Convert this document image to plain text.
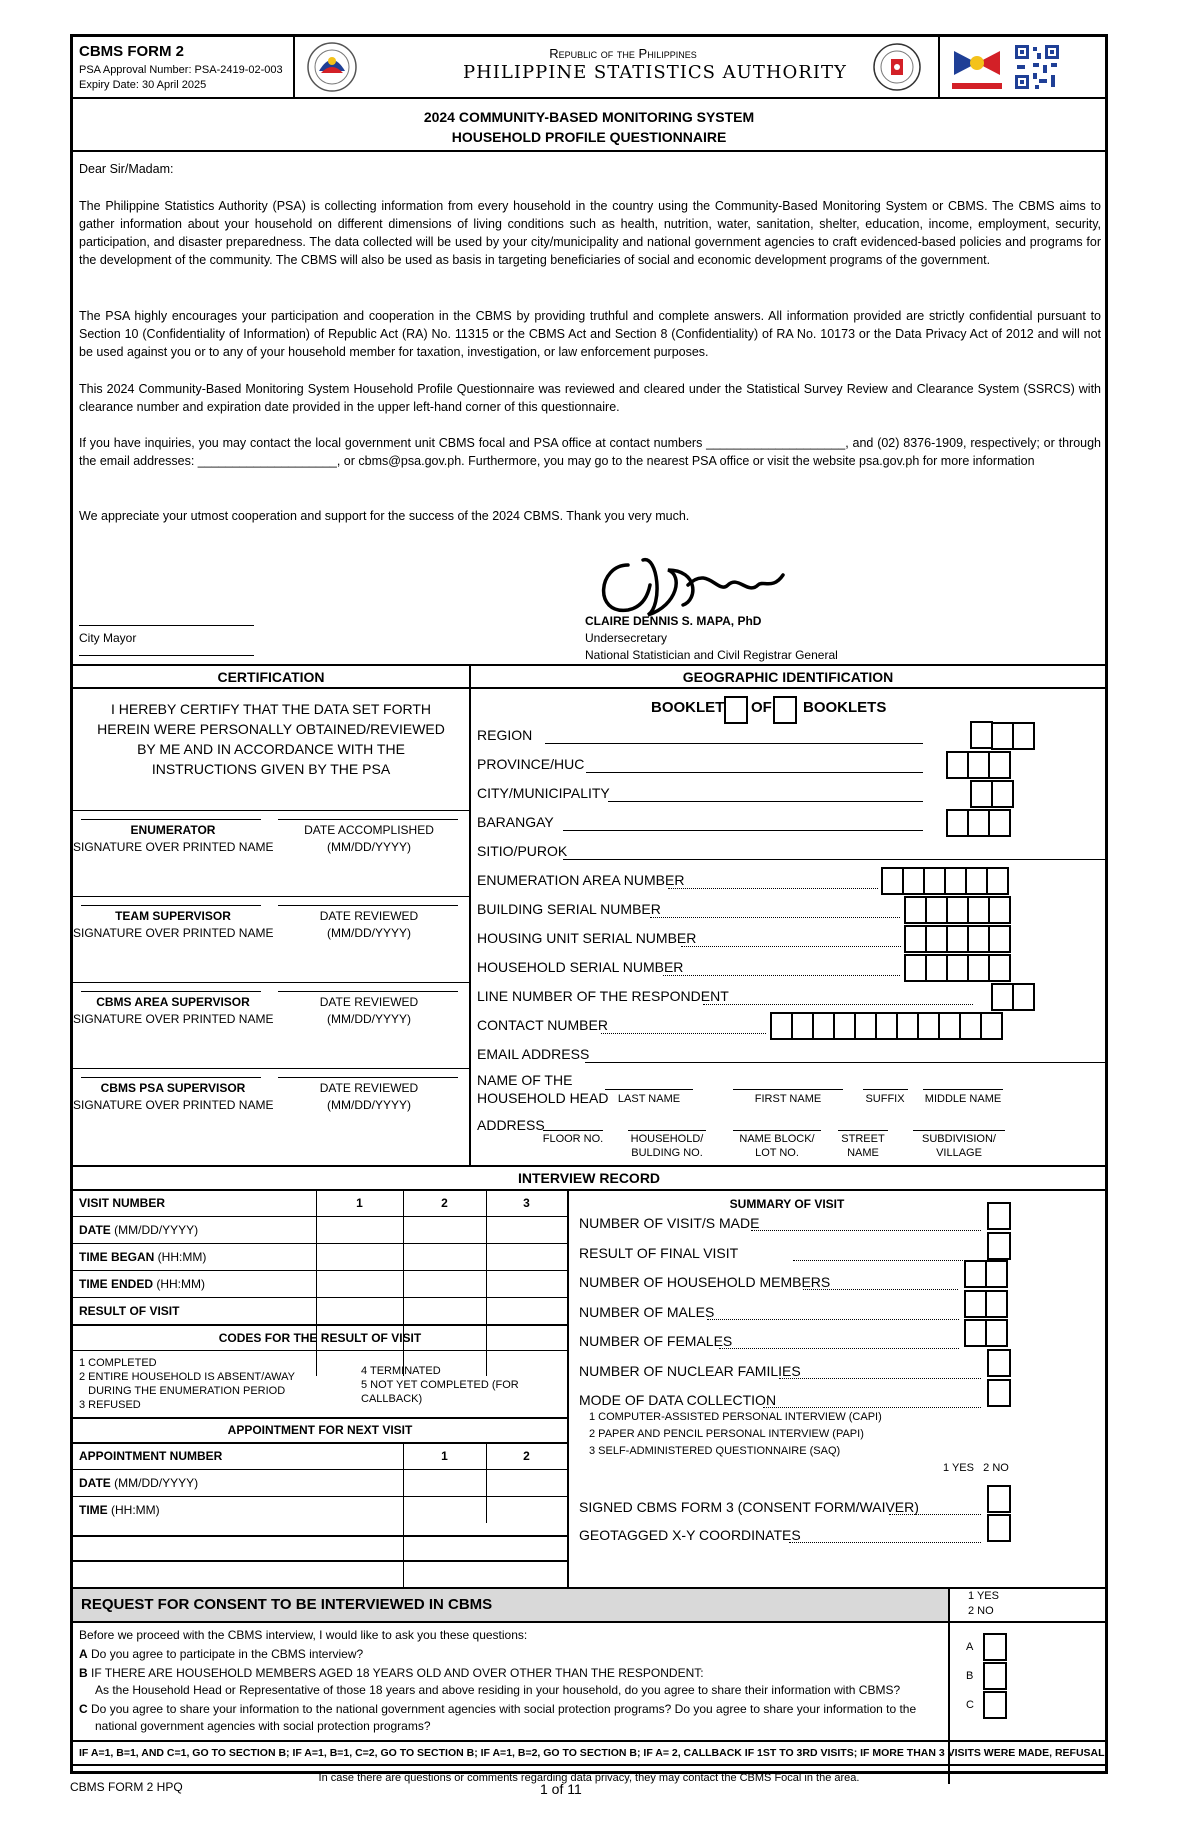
CBMS FORM 2
PSA Approval Number: PSA-2419-02-003
Expiry Date: 30 April 2025
Republic of the Philippines
PHILIPPINE STATISTICS AUTHORITY
2024 COMMUNITY-BASED MONITORING SYSTEM
HOUSEHOLD PROFILE QUESTIONNAIRE
Dear Sir/Madam:
The Philippine Statistics Authority (PSA) is collecting information from every household in the country using the Community-Based Monitoring System or CBMS. The CBMS aims to gather information about your household on different dimensions of living conditions such as health, nutrition, water, sanitation, shelter, education, income, employment, security, participation, and disaster preparedness. The data collected will be used by your city/municipality and national government agencies to craft evidenced-based policies and programs for the development of the community. The CBMS will also be used as basis in targeting beneficiaries of social and economic development programs of the government.
The PSA highly encourages your participation and cooperation in the CBMS by providing truthful and complete answers. All information provided are strictly confidential pursuant to Section 10 (Confidentiality of Information) of Republic Act (RA) No. 11315 or the CBMS Act and Section 8 (Confidentiality) of RA No. 10173 or the Data Privacy Act of 2012 and will not be used against you or to any of your household member for taxation, investigation, or law enforcement purposes.
This 2024 Community-Based Monitoring System Household Profile Questionnaire was reviewed and cleared under the Statistical Survey Review and Clearance System (SSRCS) with clearance number and expiration date provided in the upper left-hand corner of this questionnaire.
If you have inquiries, you may contact the local government unit CBMS focal and PSA office at contact numbers ____________________, and (02) 8376-1909, respectively; or through the email addresses: ____________________, or cbms@psa.gov.ph. Furthermore, you may go to the nearest PSA office or visit the website psa.gov.ph for more information
We appreciate your utmost cooperation and support for the success of the 2024 CBMS. Thank you very much.
City Mayor
CLAIRE DENNIS S. MAPA, PhD
Undersecretary
National Statistician and Civil Registrar General
CERTIFICATION	GEOGRAPHIC IDENTIFICATION
I HEREBY CERTIFY THAT THE DATA SET FORTH
HEREIN WERE PERSONALLY OBTAINED/REVIEWED
BY ME AND IN ACCORDANCE WITH THE
INSTRUCTIONS GIVEN BY THE PSA
ENUMERATOR
SIGNATURE OVER PRINTED NAME
DATE ACCOMPLISHED
(MM/DD/YYYY)
TEAM SUPERVISOR
SIGNATURE OVER PRINTED NAME
DATE REVIEWED
(MM/DD/YYYY)
CBMS AREA SUPERVISOR
SIGNATURE OVER PRINTED NAME
DATE REVIEWED
(MM/DD/YYYY)
CBMS PSA SUPERVISOR
SIGNATURE OVER PRINTED NAME
DATE REVIEWED
(MM/DD/YYYY)
BOOKLET OF BOOKLETS
REGION
PROVINCE/HUC
CITY/MUNICIPALITY
BARANGAY
SITIO/PUROK
ENUMERATION AREA NUMBER
BUILDING SERIAL NUMBER
HOUSING UNIT SERIAL NUMBER
HOUSEHOLD SERIAL NUMBER
LINE NUMBER OF THE RESPONDENT
CONTACT NUMBER
EMAIL ADDRESS
NAME OF THE
HOUSEHOLD HEAD LAST NAME	FIRST NAME	SUFFIX	MIDDLE NAME
ADDRESS
FLOOR NO.	HOUSEHOLD/
BULDING NO.
NAME BLOCK/
LOT NO.
STREET
NAME
SUBDIVISION/
VILLAGE
INTERVIEW RECORD
VISIT NUMBER	1	2	3
DATE (MM/DD/YYYY)
TIME BEGAN (HH:MM)
TIME ENDED (HH:MM)
RESULT OF VISIT
CODES FOR THE RESULT OF VISIT
1 COMPLETED
2 ENTIRE HOUSEHOLD IS ABSENT/AWAY
DURING THE ENUMERATION PERIOD
3 REFUSED
4 TERMINATED
5 NOT YET COMPLETED (FOR
CALLBACK)
APPOINTMENT FOR NEXT VISIT
APPOINTMENT NUMBER	1	2
DATE (MM/DD/YYYY)
TIME (HH:MM)
SUMMARY OF VISIT
NUMBER OF VISIT/S MADE
RESULT OF FINAL VISIT
NUMBER OF HOUSEHOLD MEMBERS
NUMBER OF MALES
NUMBER OF FEMALES
NUMBER OF NUCLEAR FAMILIES
MODE OF DATA COLLECTION
1 COMPUTER-ASSISTED PERSONAL INTERVIEW (CAPI)
2 PAPER AND PENCIL PERSONAL INTERVIEW (PAPI)
3 SELF-ADMINISTERED QUESTIONNAIRE (SAQ)
1 YES   2 NO
SIGNED CBMS FORM 3 (CONSENT FORM/WAIVER)
GEOTAGGED X-Y COORDINATES
REQUEST FOR CONSENT TO BE INTERVIEWED IN CBMS	1 YES
2 NO
Before we proceed with the CBMS interview, I would like to ask you these questions:
A Do you agree to participate in the CBMS interview?
B IF THERE ARE HOUSEHOLD MEMBERS AGED 18 YEARS OLD AND OVER OTHER THAN THE RESPONDENT:
As the Household Head or Representative of those 18 years and above residing in your household, do you agree to share their information with CBMS?
C Do you agree to share your information to the national government agencies with social protection programs? Do you agree to share your information to the
national government agencies with social protection programs?
A
B
C
IF A=1, B=1, AND C=1, GO TO SECTION B; IF A=1, B=1, C=2, GO TO SECTION B; IF A=1, B=2, GO TO SECTION B; IF A= 2, CALLBACK IF 1ST TO 3RD VISITS; IF MORE THAN 3 VISITS WERE MADE, REFUSAL
In case there are questions or comments regarding data privacy, they may contact the CBMS Focal in the area.
CBMS FORM 2 HPQ	1 of 11
